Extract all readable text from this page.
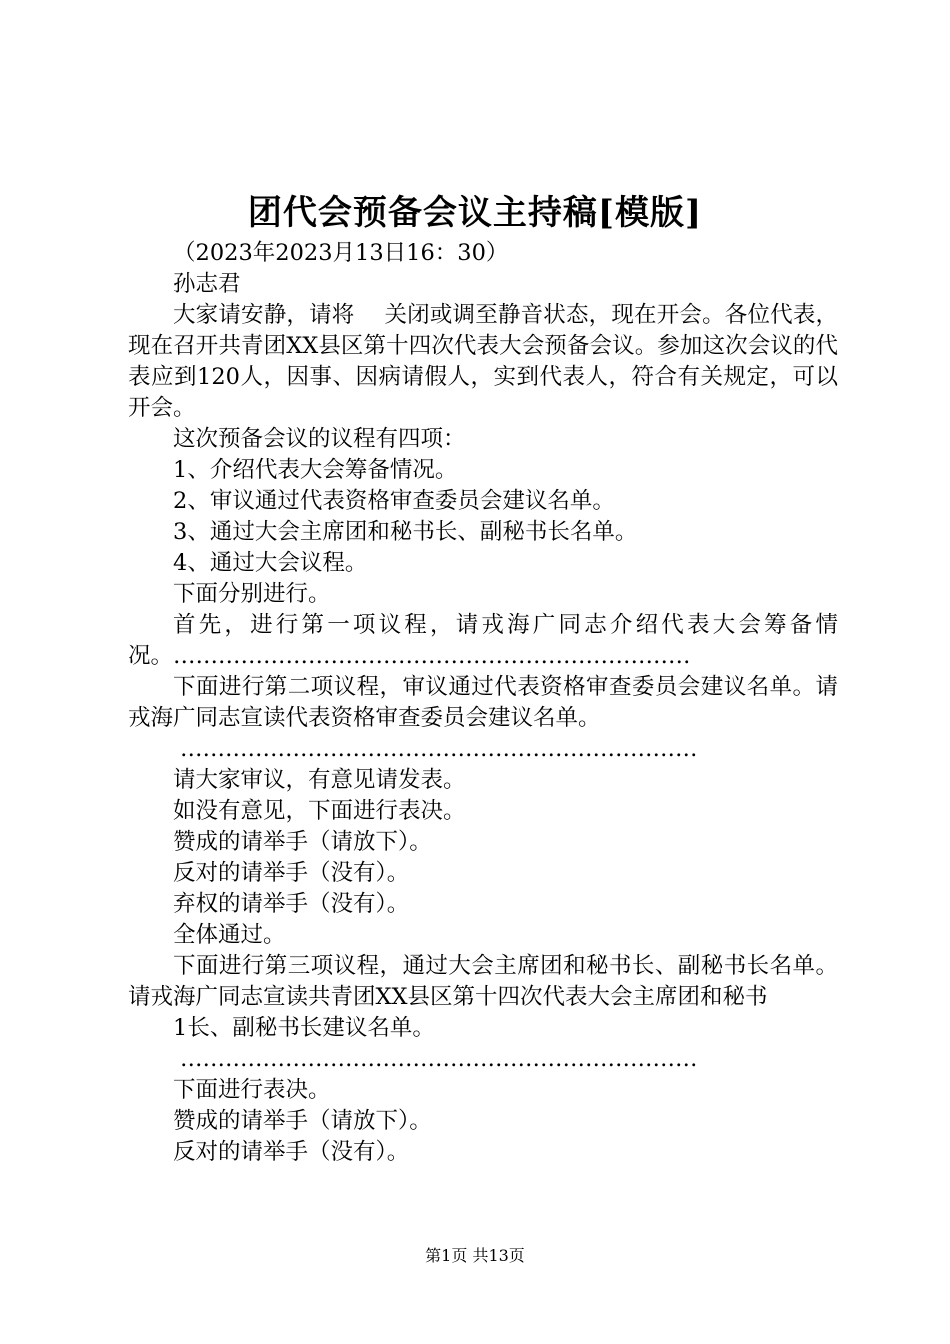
团代会预备会议主持稿[模版]

（2023年2023月13日16：30）

孙志君

大家请安静，请将　 关闭或调至静音状态，现在开会。各位代表，现在召开共青团XX县区第十四次代表大会预备会议。参加这次会议的代表应到120人，因事、因病请假人，实到代表人，符合有关规定，可以开会。

这次预备会议的议程有四项：

1、介绍代表大会筹备情况。

2、审议通过代表资格审查委员会建议名单。

3、通过大会主席团和秘书长、副秘书长名单。

4、通过大会议程。

下面分别进行。

首先，进行第一项议程，请戎海广同志介绍代表大会筹备情况。……………………………………………………………

下面进行第二项议程，审议通过代表资格审查委员会建议名单。请戎海广同志宣读代表资格审查委员会建议名单。

……………………………………………………………

请大家审议，有意见请发表。

如没有意见，下面进行表决。

赞成的请举手（请放下）。

反对的请举手（没有）。

弃权的请举手（没有）。

全体通过。

下面进行第三项议程，通过大会主席团和秘书长、副秘书长名单。请戎海广同志宣读共青团XX县区第十四次代表大会主席团和秘书

1长、副秘书长建议名单。

……………………………………………………………

下面进行表决。

赞成的请举手（请放下）。

反对的请举手（没有）。

第1页 共13页
